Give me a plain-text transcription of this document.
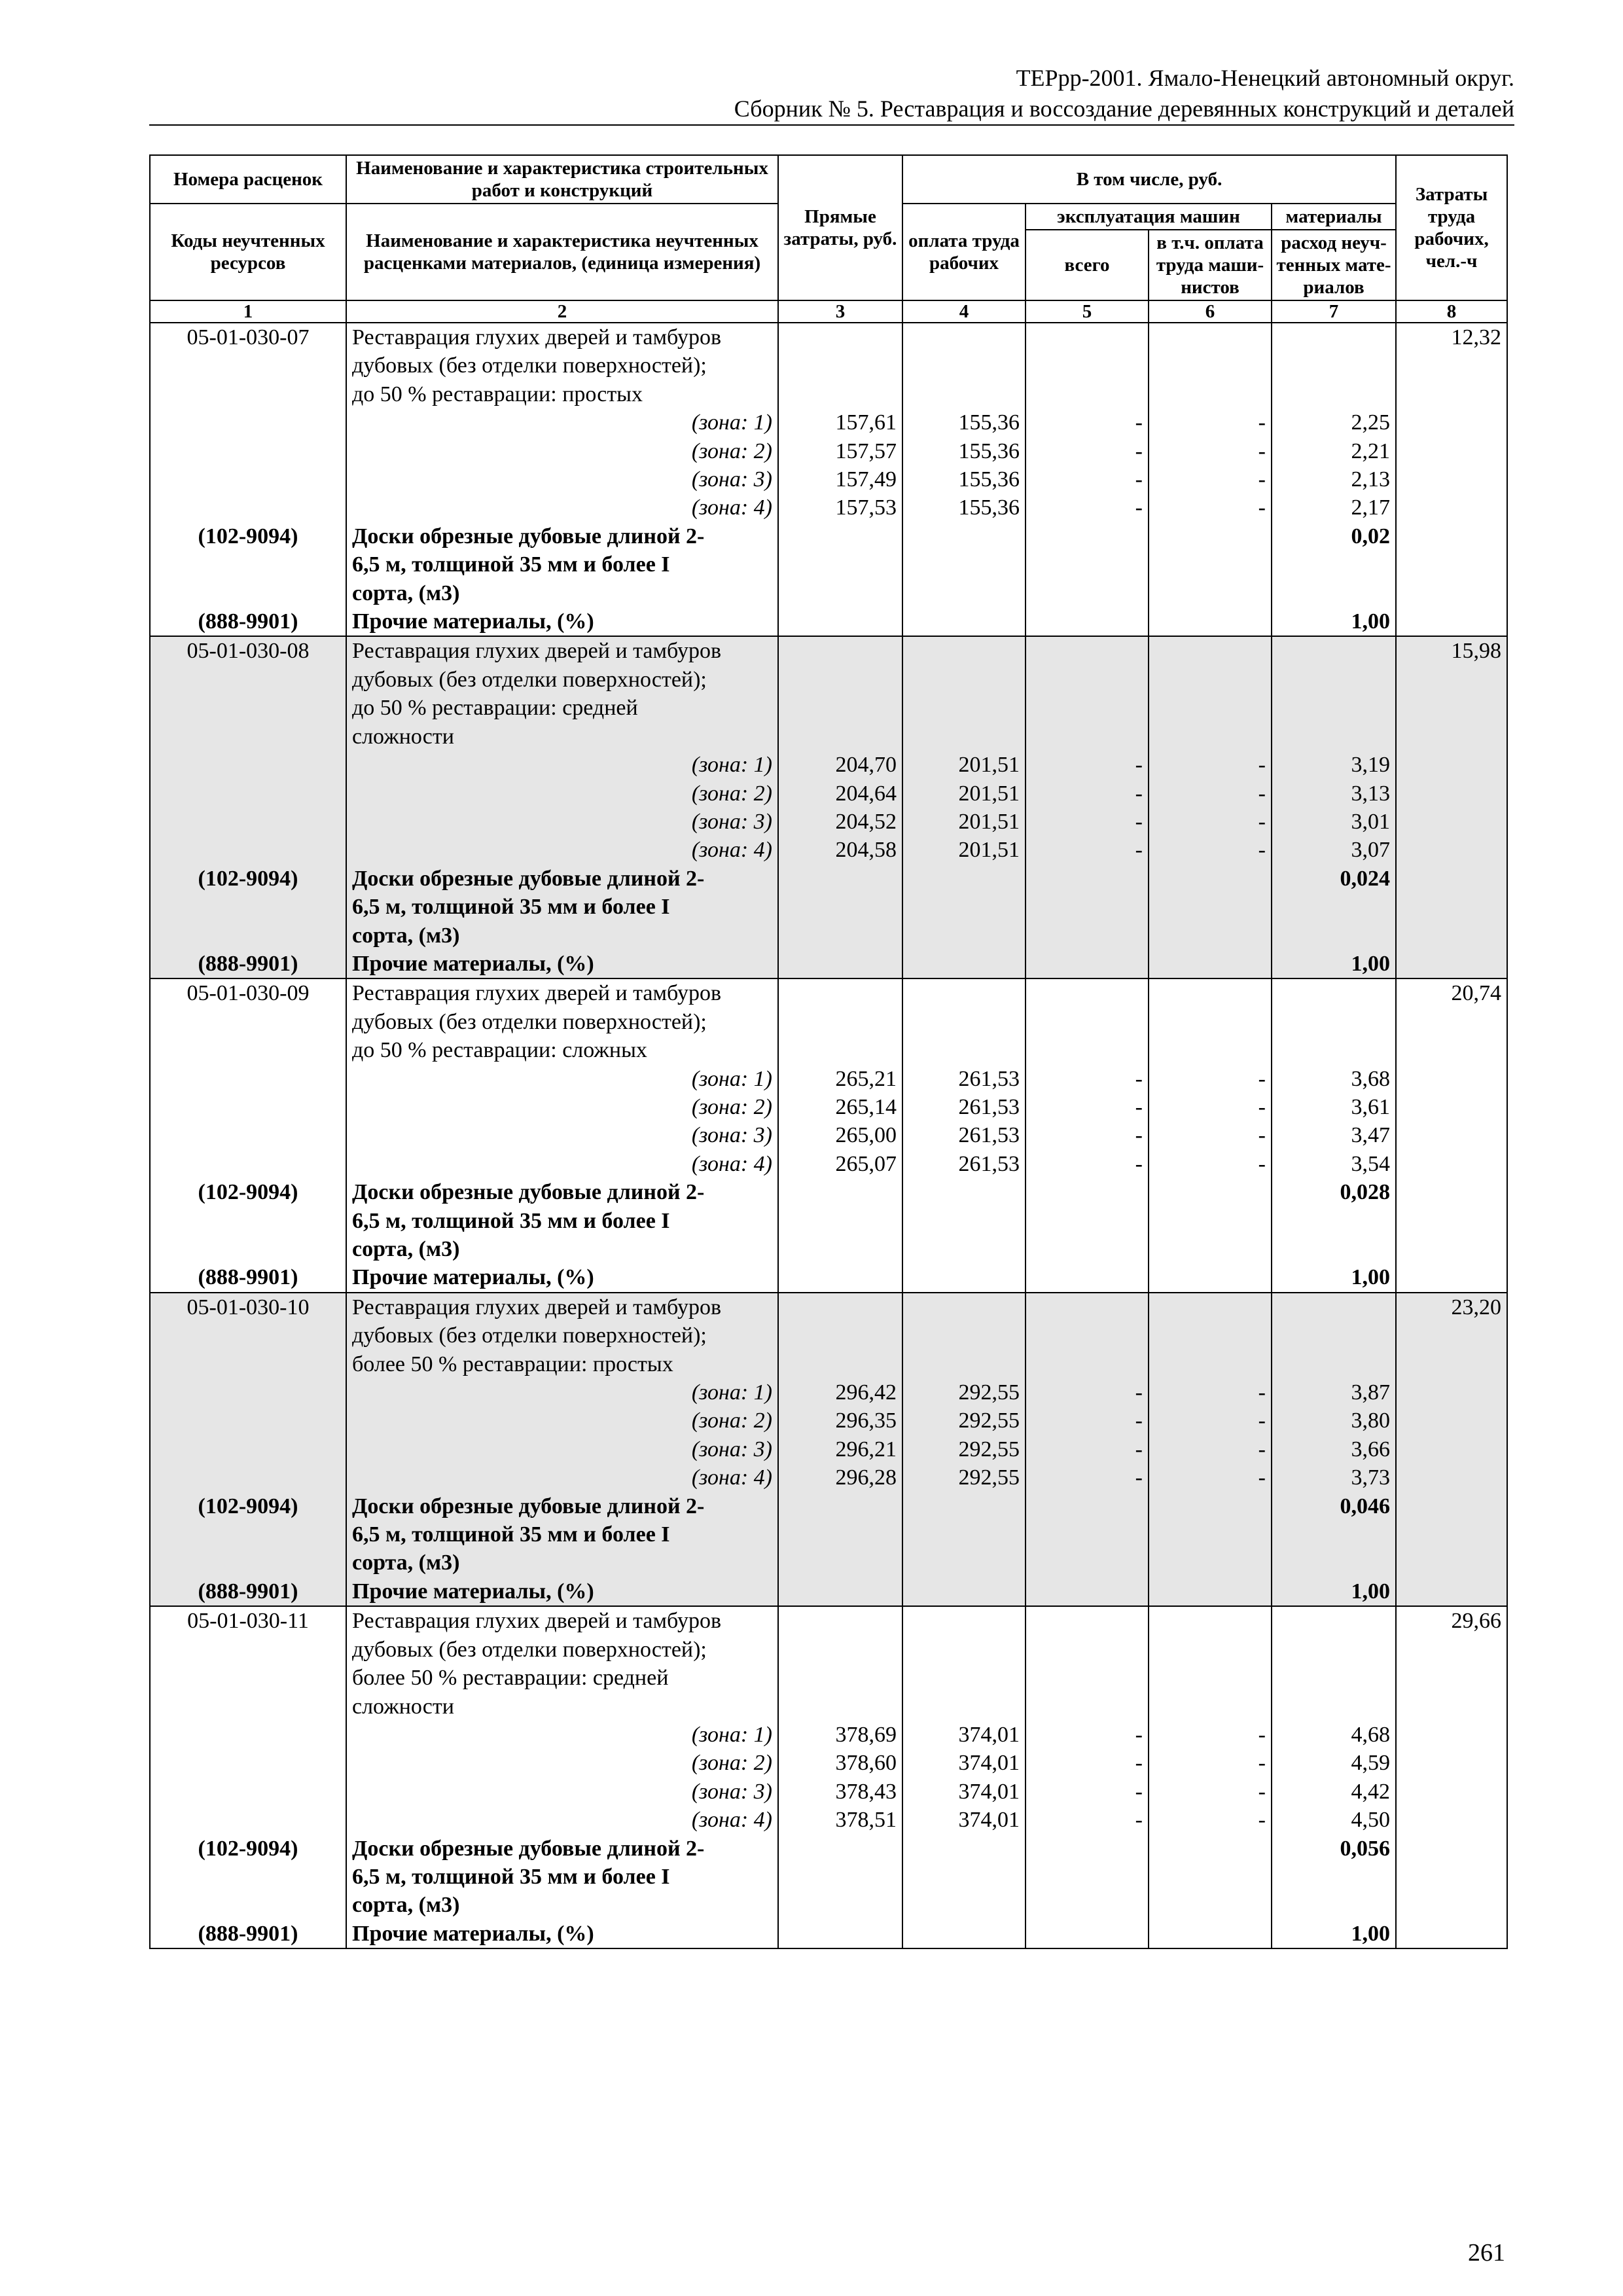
ТЕРрр-2001. Ямало-Ненецкий автономный округ.
Сборник № 5. Реставрация и воссоздание деревянных конструкций и деталей
Номера расценок	Наименование и характеристика строительных работ и конструкций	Прямые затраты, руб.	В том числе, руб.				Затраты труда рабочих, чел.-ч
Коды неучтенных ресурсов	Наименование и характеристика неучтенных расценками материалов, (единица измерения)		оплата труда рабочих	эксплуатация машин		материалы	
				всего	в т.ч. оплата труда маши-нистов	расход неуч-тенных мате-риалов	
1	2	3	4	5	6	7	8
05-01-030-07	Реставрация глухих дверей и тамбуров						12,32
	дубовых (без отделки поверхностей);						
	до 50 % реставрации: простых						
	(зона: 1)	157,61	155,36	-	-	2,25	
	(зона: 2)	157,57	155,36	-	-	2,21	
	(зона: 3)	157,49	155,36	-	-	2,13	
	(зона: 4)	157,53	155,36	-	-	2,17	
(102-9094)	Доски обрезные дубовые длиной 2-					0,02	
	6,5 м, толщиной 35 мм и более I						
	сорта, (м3)						
(888-9901)	Прочие материалы, (%)					1,00	
05-01-030-08	Реставрация глухих дверей и тамбуров						15,98
	дубовых (без отделки поверхностей);						
	до 50 % реставрации: средней						
	сложности						
	(зона: 1)	204,70	201,51	-	-	3,19	
	(зона: 2)	204,64	201,51	-	-	3,13	
	(зона: 3)	204,52	201,51	-	-	3,01	
	(зона: 4)	204,58	201,51	-	-	3,07	
(102-9094)	Доски обрезные дубовые длиной 2-					0,024	
	6,5 м, толщиной 35 мм и более I						
	сорта, (м3)						
(888-9901)	Прочие материалы, (%)					1,00	
05-01-030-09	Реставрация глухих дверей и тамбуров						20,74
	дубовых (без отделки поверхностей);						
	до 50 % реставрации: сложных						
	(зона: 1)	265,21	261,53	-	-	3,68	
	(зона: 2)	265,14	261,53	-	-	3,61	
	(зона: 3)	265,00	261,53	-	-	3,47	
	(зона: 4)	265,07	261,53	-	-	3,54	
(102-9094)	Доски обрезные дубовые длиной 2-					0,028	
	6,5 м, толщиной 35 мм и более I						
	сорта, (м3)						
(888-9901)	Прочие материалы, (%)					1,00	
05-01-030-10	Реставрация глухих дверей и тамбуров						23,20
	дубовых (без отделки поверхностей);						
	более 50 % реставрации: простых						
	(зона: 1)	296,42	292,55	-	-	3,87	
	(зона: 2)	296,35	292,55	-	-	3,80	
	(зона: 3)	296,21	292,55	-	-	3,66	
	(зона: 4)	296,28	292,55	-	-	3,73	
(102-9094)	Доски обрезные дубовые длиной 2-					0,046	
	6,5 м, толщиной 35 мм и более I						
	сорта, (м3)						
(888-9901)	Прочие материалы, (%)					1,00	
05-01-030-11	Реставрация глухих дверей и тамбуров						29,66
	дубовых (без отделки поверхностей);						
	более 50 % реставрации: средней						
	сложности						
	(зона: 1)	378,69	374,01	-	-	4,68	
	(зона: 2)	378,60	374,01	-	-	4,59	
	(зона: 3)	378,43	374,01	-	-	4,42	
	(зона: 4)	378,51	374,01	-	-	4,50	
(102-9094)	Доски обрезные дубовые длиной 2-					0,056	
	6,5 м, толщиной 35 мм и более I						
	сорта, (м3)						
(888-9901)	Прочие материалы, (%)					1,00	
261
